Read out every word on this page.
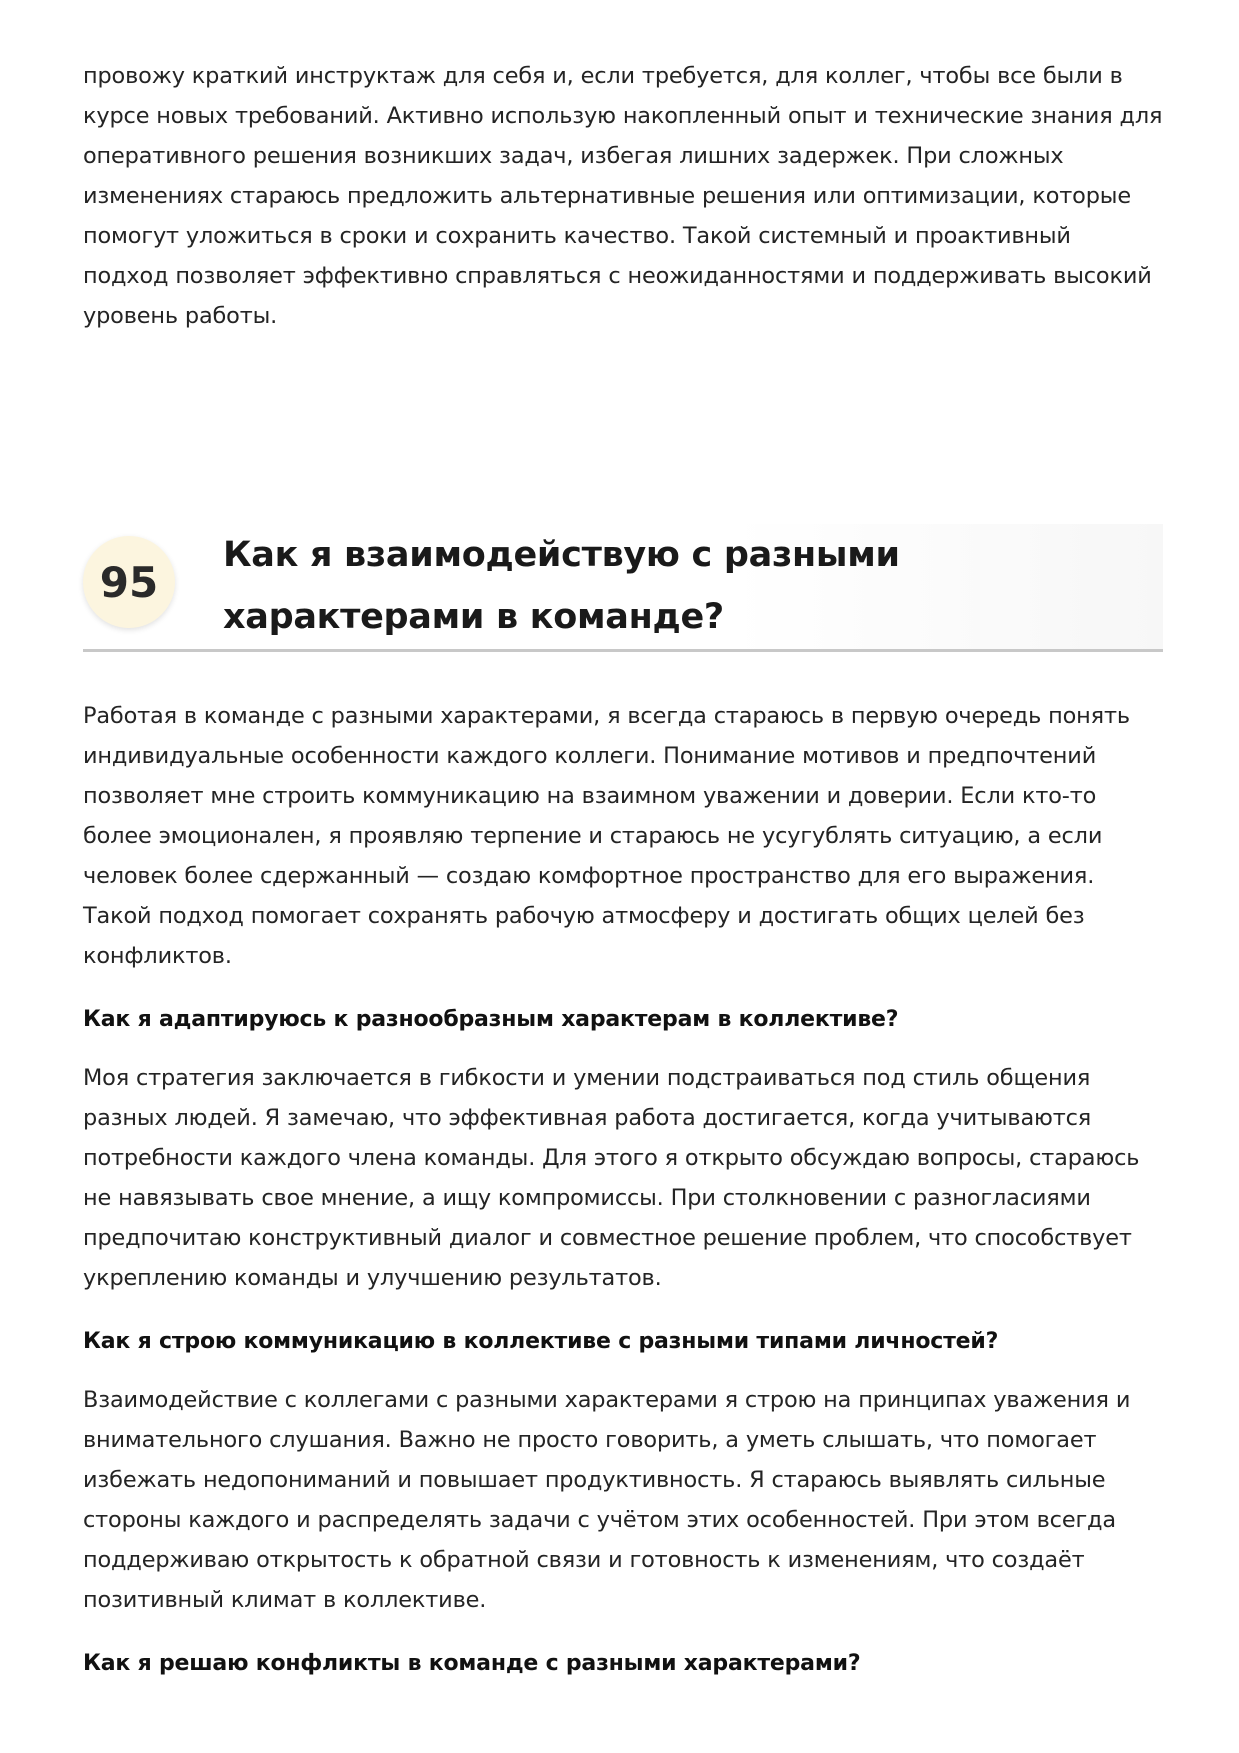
провожу краткий инструктаж для себя и, если требуется, для коллег, чтобы все были в курсе новых требований. Активно использую накопленный опыт и технические знания для оперативного решения возникших задач, избегая лишних задержек. При сложных изменениях стараюсь предложить альтернативные решения или оптимизации, которые помогут уложиться в сроки и сохранить качество. Такой системный и проактивный подход позволяет эффективно справляться с неожиданностями и поддерживать высокий уровень работы.

95
Как я взаимодействую с разными характерами в команде?

Работая в команде с разными характерами, я всегда стараюсь в первую очередь понять индивидуальные особенности каждого коллеги. Понимание мотивов и предпочтений позволяет мне строить коммуникацию на взаимном уважении и доверии. Если кто-то более эмоционален, я проявляю терпение и стараюсь не усугублять ситуацию, а если человек более сдержанный — создаю комфортное пространство для его выражения. Такой подход помогает сохранять рабочую атмосферу и достигать общих целей без конфликтов.

Как я адаптируюсь к разнообразным характерам в коллективе?

Моя стратегия заключается в гибкости и умении подстраиваться под стиль общения разных людей. Я замечаю, что эффективная работа достигается, когда учитываются потребности каждого члена команды. Для этого я открыто обсуждаю вопросы, стараюсь не навязывать свое мнение, а ищу компромиссы. При столкновении с разногласиями предпочитаю конструктивный диалог и совместное решение проблем, что способствует укреплению команды и улучшению результатов.

Как я строю коммуникацию в коллективе с разными типами личностей?

Взаимодействие с коллегами с разными характерами я строю на принципах уважения и внимательного слушания. Важно не просто говорить, а уметь слышать, что помогает избежать недопониманий и повышает продуктивность. Я стараюсь выявлять сильные стороны каждого и распределять задачи с учётом этих особенностей. При этом всегда поддерживаю открытость к обратной связи и готовность к изменениям, что создаёт позитивный климат в коллективе.

Как я решаю конфликты в команде с разными характерами?
